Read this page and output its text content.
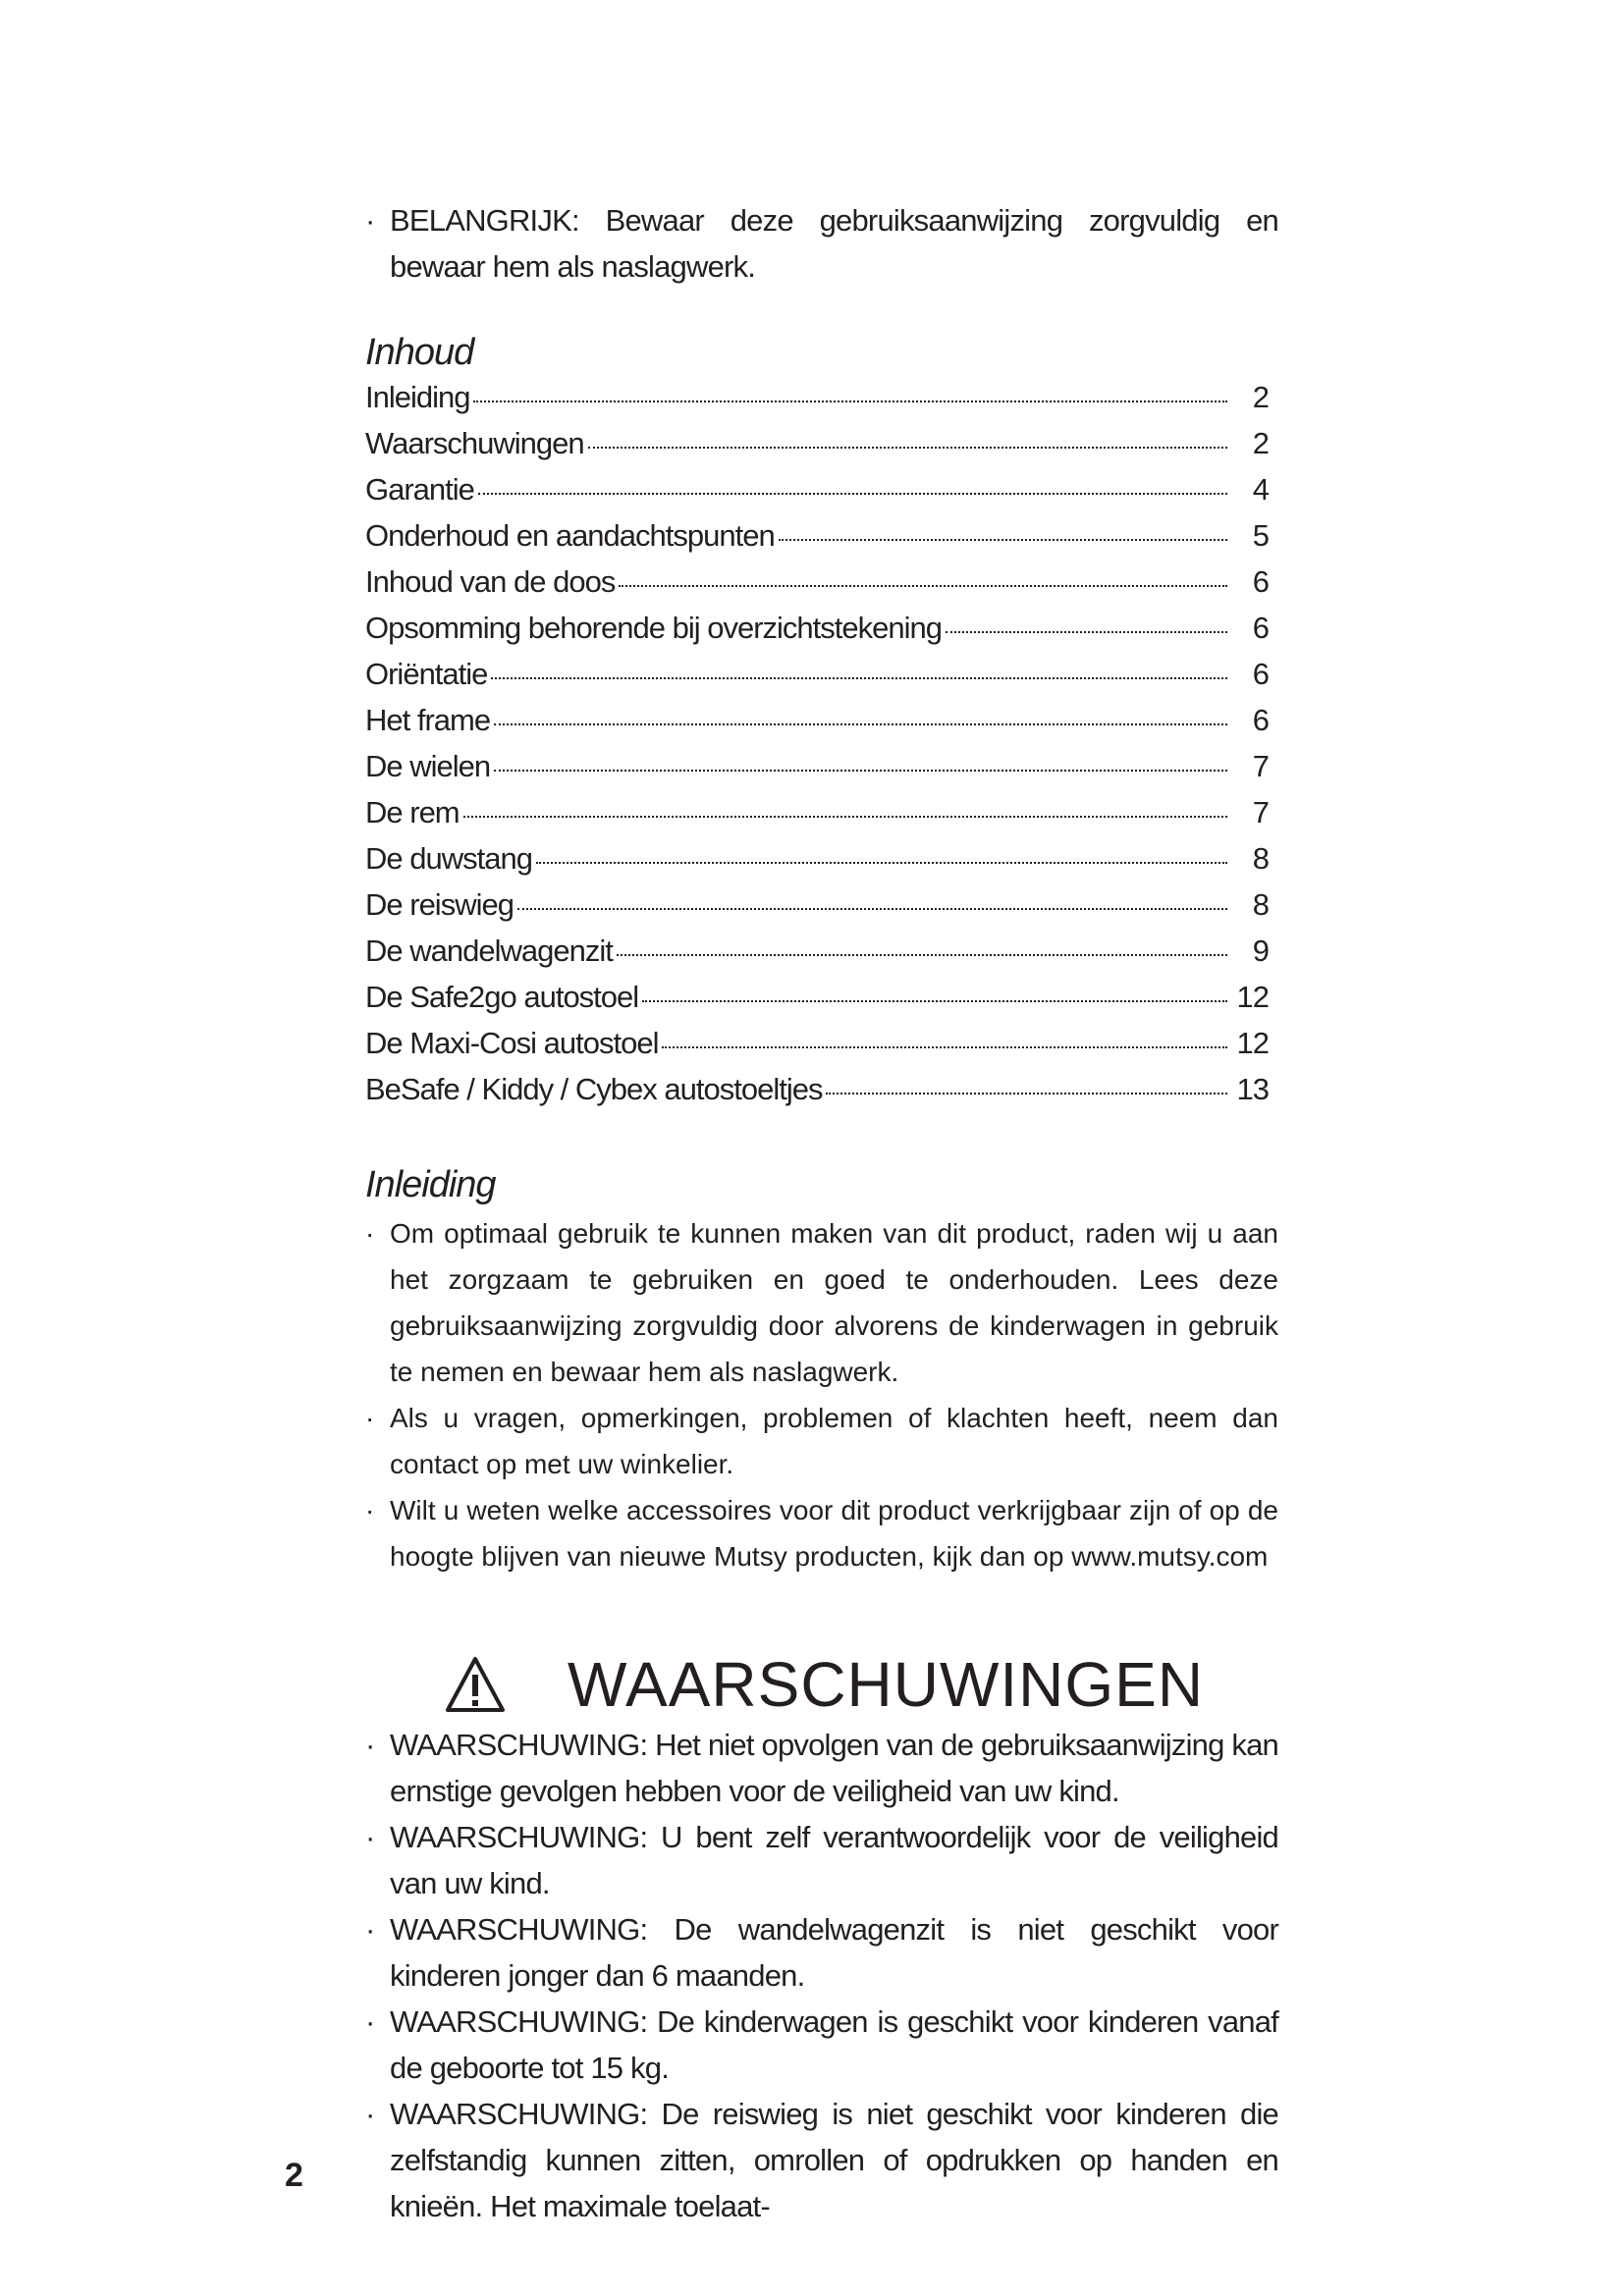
· BELANGRIJK: Bewaar deze gebruiksaanwijzing zorgvuldig en bewaar hem als naslagwerk.
Inhoud
Inleiding	2
Waarschuwingen	2
Garantie	4
Onderhoud en aandachtspunten	5
Inhoud van de doos	6
Opsomming behorende bij overzichtstekening	6
Oriëntatie	6
Het frame	6
De wielen	7
De rem	7
De duwstang	8
De reiswieg	8
De wandelwagenzit	9
De Safe2go autostoel	12
De Maxi-Cosi autostoel	12
BeSafe / Kiddy / Cybex autostoeltjes	13
Inleiding
· Om optimaal gebruik te kunnen maken van dit product, raden wij u aan het zorgzaam te gebruiken en goed te onderhouden. Lees deze gebruiksaanwijzing zorgvuldig door alvorens de kinderwagen in gebruik te nemen en bewaar hem als naslagwerk.
· Als u vragen, opmerkingen, problemen of klachten heeft, neem dan contact op met uw winkelier.
· Wilt u weten welke accessoires voor dit product verkrijgbaar zijn of op de hoogte blijven van nieuwe Mutsy producten, kijk dan op www.mutsy.com
WAARSCHUWINGEN
· WAARSCHUWING: Het niet opvolgen van de gebruiksaanwijzing kan ernstige gevolgen hebben voor de veiligheid van uw kind.
· WAARSCHUWING: U bent zelf verantwoordelijk voor de veiligheid van uw kind.
· WAARSCHUWING: De wandelwagenzit is niet geschikt voor kinderen jonger dan 6 maanden.
· WAARSCHUWING: De kinderwagen is geschikt voor kinderen vanaf de geboorte tot 15 kg.
· WAARSCHUWING: De reiswieg is niet geschikt voor kinderen die zelfstandig kunnen zitten, omrollen of opdrukken op handen en knieën. Het maximale toelaat-
2
